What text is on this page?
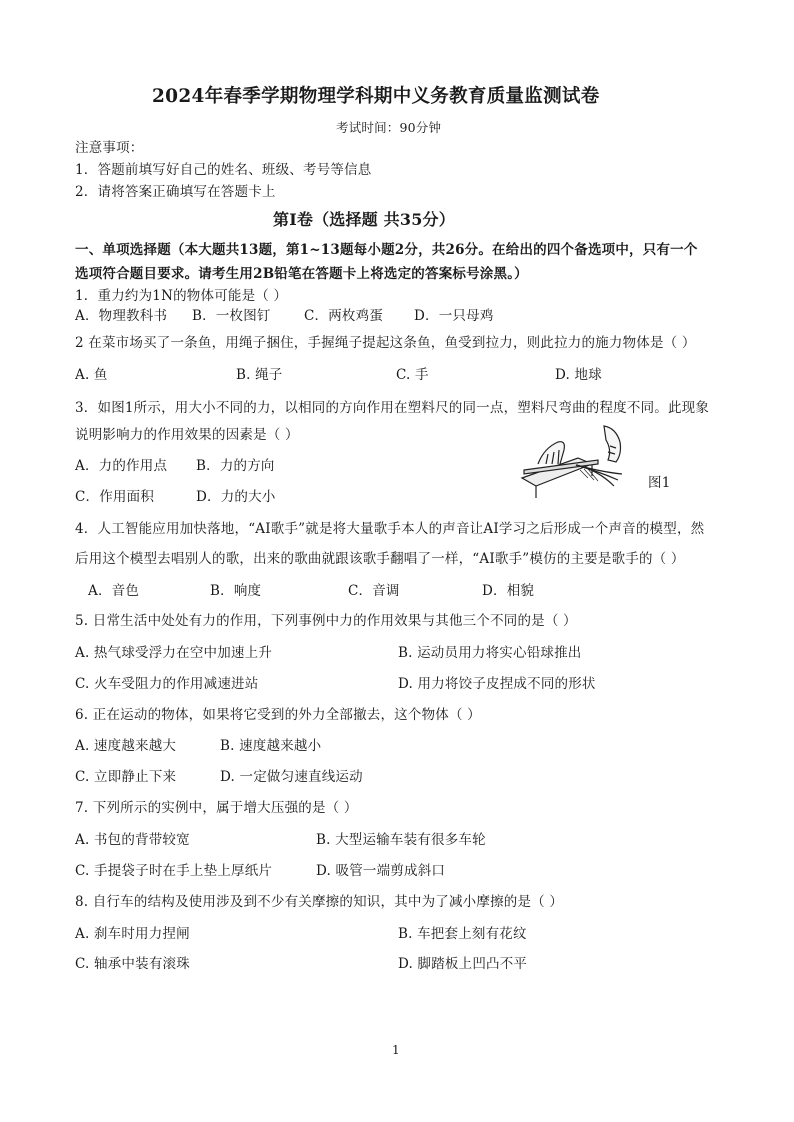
2024年春季学期物理学科期中义务教育质量监测试卷
考试时间：90分钟
注意事项：
1．答题前填写好自己的姓名、班级、考号等信息
2．请将答案正确填写在答题卡上
第I卷（选择题 共35分）
一、单项选择题（本大题共13题，第1~13题每小题2分，共26分。在给出的四个备选项中，只有一个
选项符合题目要求。请考生用2B铅笔在答题卡上将选定的答案标号涂黑。）
1．重力约为1N的物体可能是（ ）
A．物理教科书 B．一枚图钉 C．两枚鸡蛋 D．一只母鸡
2 在菜市场买了一条鱼，用绳子捆住，手握绳子提起这条鱼，鱼受到拉力，则此拉力的施力物体是（ ）
A. 鱼	B. 绳子	C. 手	D. 地球
3．如图1所示，用大小不同的力，以相同的方向作用在塑料尺的同一点，塑料尺弯曲的程度不同。此现象
说明影响力的作用效果的因素是（ ）
A．力的作用点 B．力的方向
C．作用面积	D．力的大小
图1
4．人工智能应用加快落地，“AI歌手”就是将大量歌手本人的声音让AI学习之后形成一个声音的模型，然
后用这个模型去唱别人的歌，出来的歌曲就跟该歌手翻唱了一样，“AI歌手”模仿的主要是歌手的（ ）
A．音色	B．响度	C．音调	D．相貌
5. 日常生活中处处有力的作用，下列事例中力的作用效果与其他三个不同的是（ ）
A. 热气球受浮力在空中加速上升	B. 运动员用力将实心铅球推出
C. 火车受阻力的作用减速进站	D. 用力将饺子皮捏成不同的形状
6. 正在运动的物体，如果将它受到的外力全部撤去，这个物体（ ）
A. 速度越来越大	B. 速度越来越小
C. 立即静止下来	D. 一定做匀速直线运动
7. 下列所示的实例中，属于增大压强的是（ ）
A. 书包的背带较宽	B. 大型运输车装有很多车轮
C. 手提袋子时在手上垫上厚纸片	D. 吸管一端剪成斜口
8. 自行车的结构及使用涉及到不少有关摩擦的知识，其中为了减小摩擦的是（ ）
A. 刹车时用力捏闸	B. 车把套上刻有花纹
C. 轴承中装有滚珠	D. 脚踏板上凹凸不平
1
